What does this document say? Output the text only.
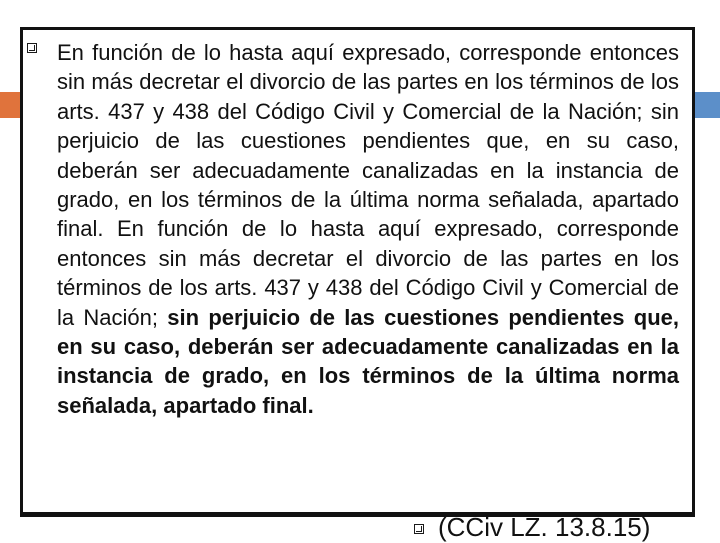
En función de lo hasta aquí expresado, corresponde entonces sin más decretar el divorcio de las partes en los términos de los arts. 437 y 438 del Código Civil y Comercial de la Nación; sin perjuicio de las cuestiones pendientes que, en su caso, deberán ser adecuadamente canalizadas en la instancia de grado, en los términos de la última norma señalada, apartado final. En función de lo hasta aquí expresado, corresponde entonces sin más decretar el divorcio de las partes en los términos de los arts. 437 y 438 del Código Civil y Comercial de la Nación; sin perjuicio de las cuestiones pendientes que, en su caso, deberán ser adecuadamente canalizadas en la instancia de grado, en los términos de la última norma señalada, apartado final.

(CCiv LZ. 13.8.15)
